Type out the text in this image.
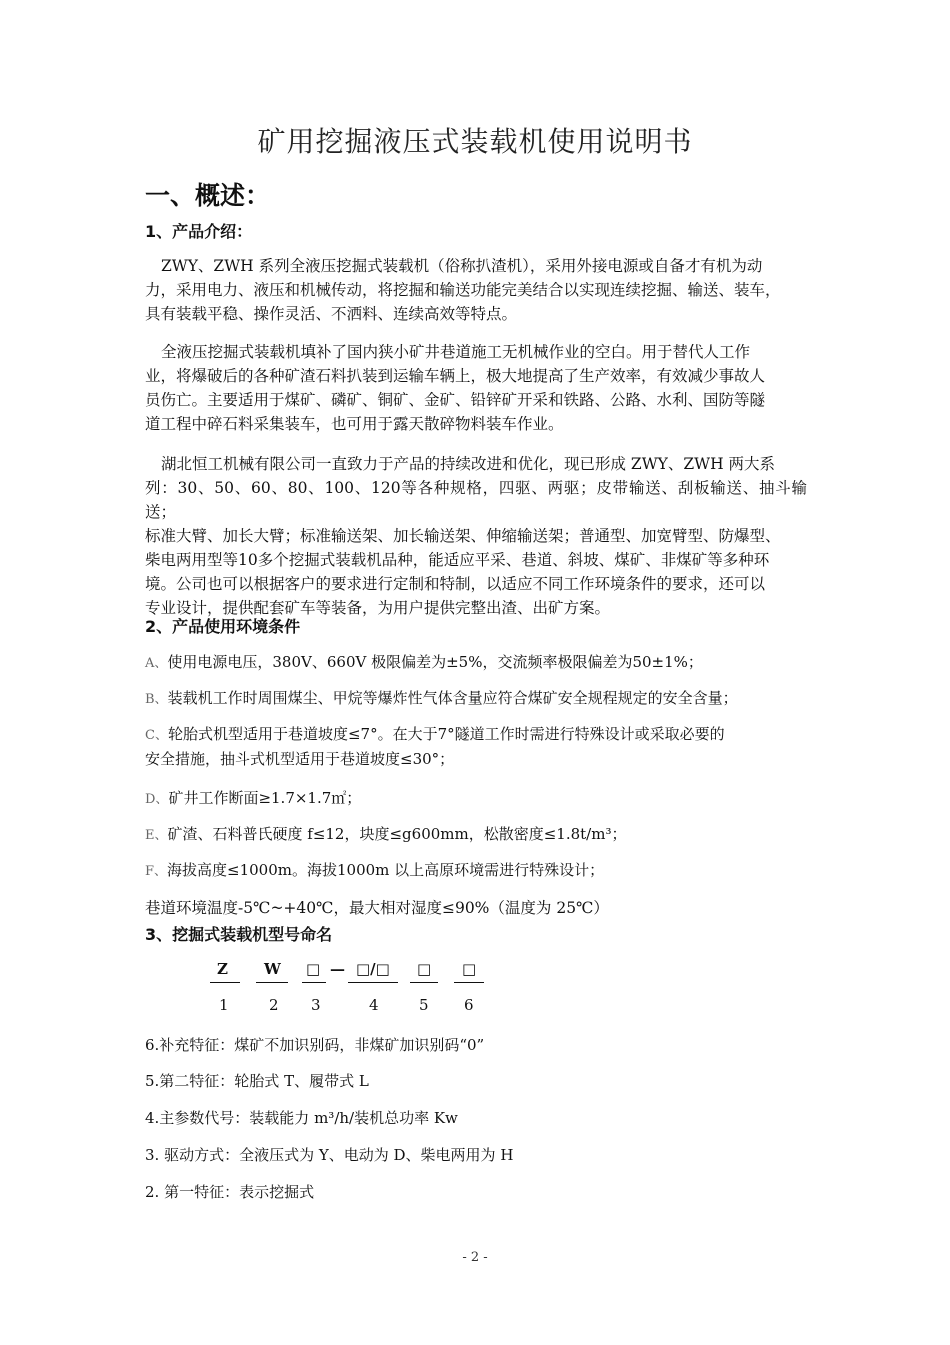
矿用挖掘液压式装载机使用说明书
一、概述：
1、产品介绍：
ZWY、ZWH 系列全液压挖掘式装载机（俗称扒渣机），采用外接电源或自备才有机为动
力，采用电力、液压和机械传动，将挖掘和输送功能完美结合以实现连续挖掘、输送、装车，
具有装载平稳、操作灵活、不洒料、连续高效等特点。
全液压挖掘式装载机填补了国内狭小矿井巷道施工无机械作业的空白。用于替代人工作
业，将爆破后的各种矿渣石料扒装到运输车辆上，极大地提高了生产效率，有效减少事故人
员伤亡。主要适用于煤矿、磷矿、铜矿、金矿、铅锌矿开采和铁路、公路、水利、国防等隧
道工程中碎石料采集装车，也可用于露天散碎物料装车作业。
湖北恒工机械有限公司一直致力于产品的持续改进和优化，现已形成 ZWY、ZWH 两大系
列：30、50、60、80、100、120等各种规格，四驱、两驱；皮带输送、刮板输送、抽斗输送；
标准大臂、加长大臂；标准输送架、加长输送架、伸缩输送架；普通型、加宽臂型、防爆型、
柴电两用型等10多个挖掘式装载机品种，能适应平采、巷道、斜坡、煤矿、非煤矿等多种环
境。公司也可以根据客户的要求进行定制和特制，以适应不同工作环境条件的要求，还可以
专业设计，提供配套矿车等装备，为用户提供完整出渣、出矿方案。
2、产品使用环境条件
A、使用电源电压，380V、660V 极限偏差为±5%，交流频率极限偏差为50±1%；
B、装载机工作时周围煤尘、甲烷等爆炸性气体含量应符合煤矿安全规程规定的安全含量；
C、轮胎式机型适用于巷道坡度≤7°。在大于7°隧道工作时需进行特殊设计或采取必要的
安全措施，抽斗式机型适用于巷道坡度≤30°；
D、矿井工作断面≥1.7×1.7㎡；
E、矿渣、石料普氏硬度 f≤12，块度≤g600mm，松散密度≤1.8t/m³；
F、海拔高度≤1000m。海拔1000m 以上高原环境需进行特殊设计；
巷道环境温度-5℃~+40℃，最大相对湿度≤90%（温度为 25℃）
3、挖掘式装载机型号命名
Z W □ — □/□ □ □
1	2 3	4	5 6
6.补充特征：煤矿不加识别码，非煤矿加识别码“0”
5.第二特征：轮胎式 T、履带式 L
4.主参数代号：装载能力 m³/h/装机总功率 Kw
3. 驱动方式：全液压式为 Y、电动为 D、柴电两用为 H
2. 第一特征：表示挖掘式
- 2 -
